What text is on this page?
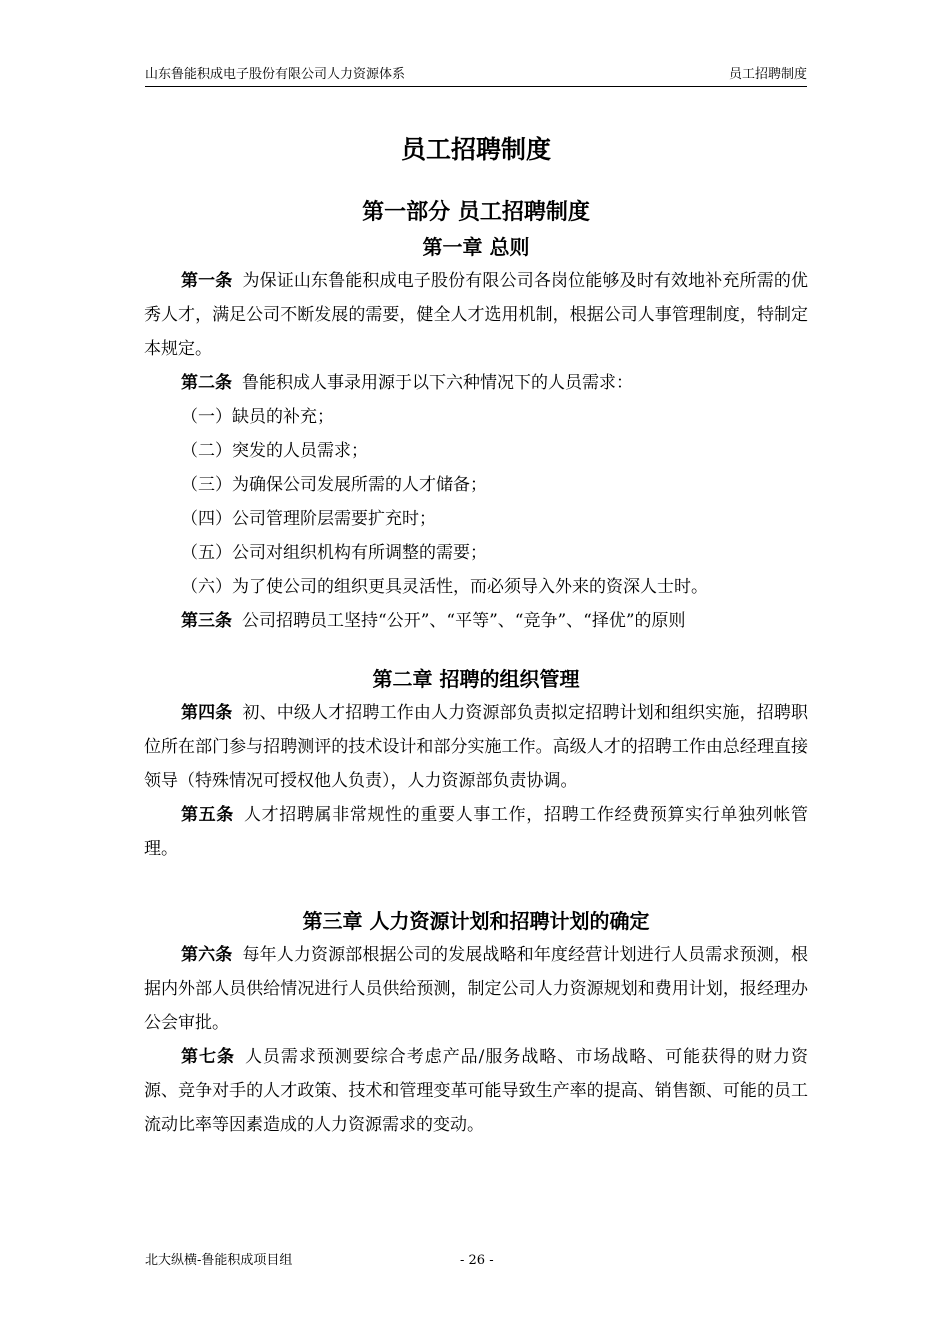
山东鲁能积成电子股份有限公司人力资源体系	员工招聘制度
员工招聘制度
第一部分 员工招聘制度
第一章 总则
第一条 为保证山东鲁能积成电子股份有限公司各岗位能够及时有效地补充所需的优秀人才，满足公司不断发展的需要，健全人才选用机制，根据公司人事管理制度，特制定本规定。
第二条 鲁能积成人事录用源于以下六种情况下的人员需求：
（一）缺员的补充；
（二）突发的人员需求；
（三）为确保公司发展所需的人才储备；
（四）公司管理阶层需要扩充时；
（五）公司对组织机构有所调整的需要；
（六）为了使公司的组织更具灵活性，而必须导入外来的资深人士时。
第三条 公司招聘员工坚持“公开”、“平等”、“竞争”、“择优”的原则
第二章 招聘的组织管理
第四条 初、中级人才招聘工作由人力资源部负责拟定招聘计划和组织实施，招聘职位所在部门参与招聘测评的技术设计和部分实施工作。高级人才的招聘工作由总经理直接领导（特殊情况可授权他人负责），人力资源部负责协调。
第五条 人才招聘属非常规性的重要人事工作，招聘工作经费预算实行单独列帐管理。
第三章 人力资源计划和招聘计划的确定
第六条 每年人力资源部根据公司的发展战略和年度经营计划进行人员需求预测，根据内外部人员供给情况进行人员供给预测，制定公司人力资源规划和费用计划，报经理办公会审批。
第七条 人员需求预测要综合考虑产品/服务战略、市场战略、可能获得的财力资源、竞争对手的人才政策、技术和管理变革可能导致生产率的提高、销售额、可能的员工流动比率等因素造成的人力资源需求的变动。
北大纵横-鲁能积成项目组	- 26 -
